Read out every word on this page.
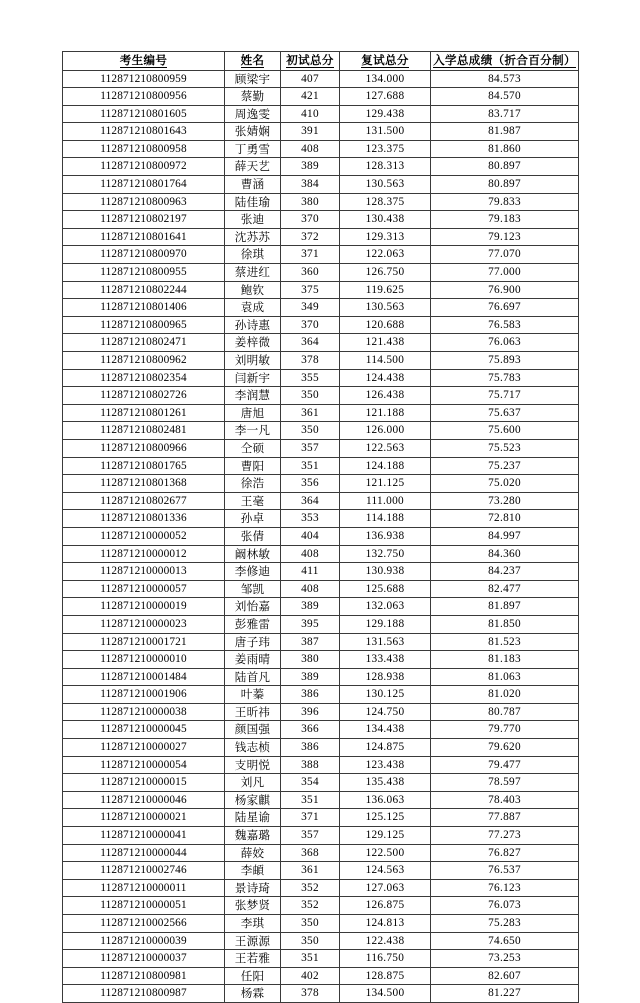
考生编号	姓名	初试总分	复试总分	入学总成绩（折合百分制）
112871210800959	顾梁宇	407	134.000	84.573
112871210800956	蔡勤	421	127.688	84.570
112871210801605	周逸雯	410	129.438	83.717
112871210801643	张婧娴	391	131.500	81.987
112871210800958	丁勇雪	408	123.375	81.860
112871210800972	薛天艺	389	128.313	80.897
112871210801764	曹涵	384	130.563	80.897
112871210800963	陆佳瑜	380	128.375	79.833
112871210802197	张迪	370	130.438	79.183
112871210801641	沈苏苏	372	129.313	79.123
112871210800970	徐琪	371	122.063	77.070
112871210800955	蔡进红	360	126.750	77.000
112871210802244	鲍钦	375	119.625	76.900
112871210801406	袁成	349	130.563	76.697
112871210800965	孙诗惠	370	120.688	76.583
112871210802471	姜梓微	364	121.438	76.063
112871210800962	刘明敏	378	114.500	75.893
112871210802354	闫新宇	355	124.438	75.783
112871210802726	李润慧	350	126.438	75.717
112871210801261	唐旭	361	121.188	75.637
112871210802481	李一凡	350	126.000	75.600
112871210800966	仝硕	357	122.563	75.523
112871210801765	曹阳	351	124.188	75.237
112871210801368	徐浩	356	121.125	75.020
112871210802677	王毫	364	111.000	73.280
112871210801336	孙卓	353	114.188	72.810
112871210000052	张倩	404	136.938	84.997
112871210000012	阚林敏	408	132.750	84.360
112871210000013	李修迪	411	130.938	84.237
112871210000057	邹凯	408	125.688	82.477
112871210000019	刘怡嘉	389	132.063	81.897
112871210000023	彭雅雷	395	129.188	81.850
112871210001721	唐子玮	387	131.563	81.523
112871210000010	姜雨晴	380	133.438	81.183
112871210001484	陆首凡	389	128.938	81.063
112871210001906	叶蓁	386	130.125	81.020
112871210000038	王昕祎	396	124.750	80.787
112871210000045	颜国强	366	134.438	79.770
112871210000027	钱志桢	386	124.875	79.620
112871210000054	支明悦	388	123.438	79.477
112871210000015	刘凡	354	135.438	78.597
112871210000046	杨家麒	351	136.063	78.403
112871210000021	陆星谕	371	125.125	77.887
112871210000041	魏嘉璐	357	129.125	77.273
112871210000044	薛姣	368	122.500	76.827
112871210002746	李頔	361	124.563	76.537
112871210000011	景诗琦	352	127.063	76.123
112871210000051	张梦贤	352	126.875	76.073
112871210002566	李琪	350	124.813	75.283
112871210000039	王源源	350	122.438	74.650
112871210000037	王若雅	351	116.750	73.253
112871210800981	任阳	402	128.875	82.607
112871210800987	杨霖	378	134.500	81.227
